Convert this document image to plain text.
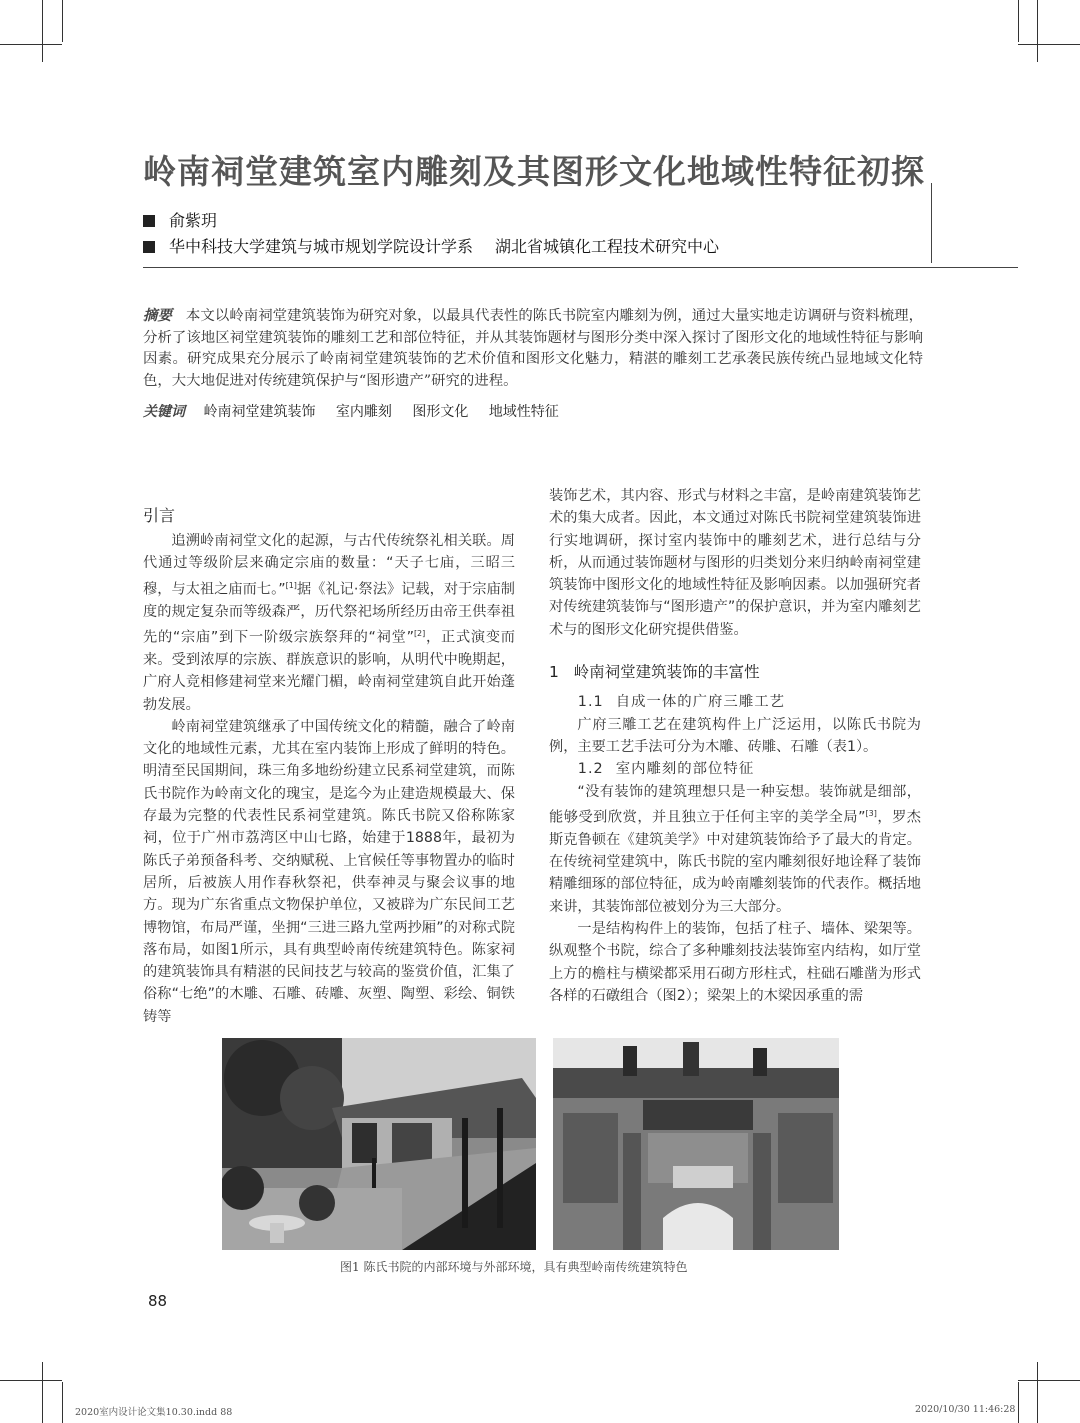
岭南祠堂建筑室内雕刻及其图形文化地域性特征初探
俞紫玥
华中科技大学建筑与城市规划学院设计学系 湖北省城镇化工程技术研究中心
摘要 本文以岭南祠堂建筑装饰为研究对象，以最具代表性的陈氏书院室内雕刻为例，通过大量实地走访调研与资料梳理，分析了该地区祠堂建筑装饰的雕刻工艺和部位特征，并从其装饰题材与图形分类中深入探讨了图形文化的地域性特征与影响因素。研究成果充分展示了岭南祠堂建筑装饰的艺术价值和图形文化魅力，精湛的雕刻工艺承袭民族传统凸显地域文化特色，大大地促进对传统建筑保护与“图形遗产”研究的进程。
关键词 岭南祠堂建筑装饰 室内雕刻 图形文化 地域性特征
引言

追溯岭南祠堂文化的起源，与古代传统祭礼相关联。周代通过等级阶层来确定宗庙的数量：“天子七庙，三昭三穆，与太祖之庙而七。”[1]据《礼记·祭法》记载，对于宗庙制度的规定复杂而等级森严，历代祭祀场所经历由帝王供奉祖先的“宗庙”到下一阶级宗族祭拜的“祠堂”[2]，正式演变而来。受到浓厚的宗族、群族意识的影响，从明代中晚期起，广府人竞相修建祠堂来光耀门楣，岭南祠堂建筑自此开始蓬勃发展。

岭南祠堂建筑继承了中国传统文化的精髓，融合了岭南文化的地域性元素，尤其在室内装饰上形成了鲜明的特色。明清至民国期间，珠三角多地纷纷建立民系祠堂建筑，而陈氏书院作为岭南文化的瑰宝，是迄今为止建造规模最大、保存最为完整的代表性民系祠堂建筑。陈氏书院又俗称陈家祠，位于广州市荔湾区中山七路，始建于1888年，最初为陈氏子弟预备科考、交纳赋税、上官候任等事物置办的临时居所，后被族人用作春秋祭祀，供奉神灵与聚会议事的地方。现为广东省重点文物保护单位，又被辟为广东民间工艺博物馆，布局严谨，坐拥“三进三路九堂两抄厢”的对称式院落布局，如图1所示，具有典型岭南传统建筑特色。陈家祠的建筑装饰具有精湛的民间技艺与较高的鉴赏价值，汇集了俗称“七绝”的木雕、石雕、砖雕、灰塑、陶塑、彩绘、铜铁铸等

装饰艺术，其内容、形式与材料之丰富，是岭南建筑装饰艺术的集大成者。因此，本文通过对陈氏书院祠堂建筑装饰进行实地调研，探讨室内装饰中的雕刻艺术，进行总结与分析，从而通过装饰题材与图形的归类划分来归纳岭南祠堂建筑装饰中图形文化的地域性特征及影响因素。以加强研究者对传统建筑装饰与“图形遗产”的保护意识，并为室内雕刻艺术与的图形文化研究提供借鉴。

1 岭南祠堂建筑装饰的丰富性
1.1 自成一体的广府三雕工艺

广府三雕工艺在建筑构件上广泛运用，以陈氏书院为例，主要工艺手法可分为木雕、砖雕、石雕（表1）。

1.2 室内雕刻的部位特征

“没有装饰的建筑理想只是一种妄想。装饰就是细部，能够受到欣赏，并且独立于任何主宰的美学全局”[3]，罗杰斯克鲁顿在《建筑美学》中对建筑装饰给予了最大的肯定。在传统祠堂建筑中，陈氏书院的室内雕刻很好地诠释了装饰精雕细琢的部位特征，成为岭南雕刻装饰的代表作。概括地来讲，其装饰部位被划分为三大部分。

一是结构构件上的装饰，包括了柱子、墙体、梁架等。纵观整个书院，综合了多种雕刻技法装饰室内结构，如厅堂上方的檐柱与横梁都采用石砌方形柱式，柱础石雕凿为形式各样的石礅组合（图2）；梁架上的木梁因承重的需

图1 陈氏书院的内部环境与外部环境，具有典型岭南传统建筑特色
88
2020室内设计论文集10.30.indd 88	2020/10/30 11:46:28
